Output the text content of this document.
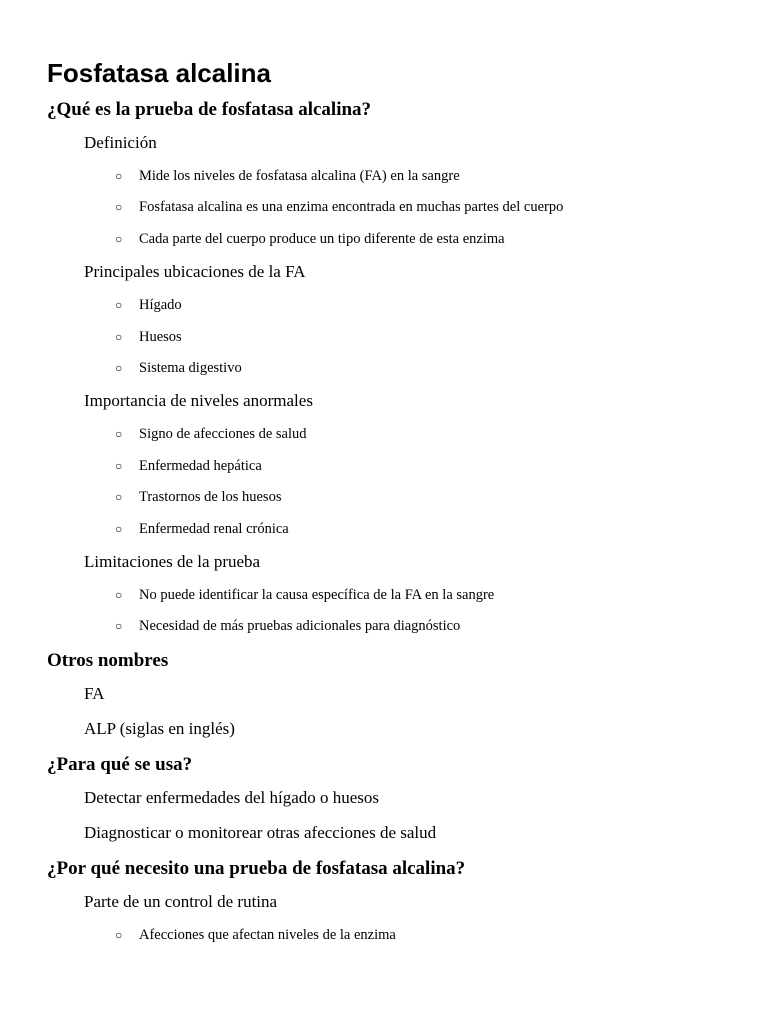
Fosfatasa alcalina
¿Qué es la prueba de fosfatasa alcalina?
Definición
○ Mide los niveles de fosfatasa alcalina (FA) en la sangre
○ Fosfatasa alcalina es una enzima encontrada en muchas partes del cuerpo
○ Cada parte del cuerpo produce un tipo diferente de esta enzima
Principales ubicaciones de la FA
○ Hígado
○ Huesos
○ Sistema digestivo
Importancia de niveles anormales
○ Signo de afecciones de salud
○ Enfermedad hepática
○ Trastornos de los huesos
○ Enfermedad renal crónica
Limitaciones de la prueba
○ No puede identificar la causa específica de la FA en la sangre
○ Necesidad de más pruebas adicionales para diagnóstico
Otros nombres
FA
ALP (siglas en inglés)
¿Para qué se usa?
Detectar enfermedades del hígado o huesos
Diagnosticar o monitorear otras afecciones de salud
¿Por qué necesito una prueba de fosfatasa alcalina?
Parte de un control de rutina
○ Afecciones que afectan niveles de la enzima
